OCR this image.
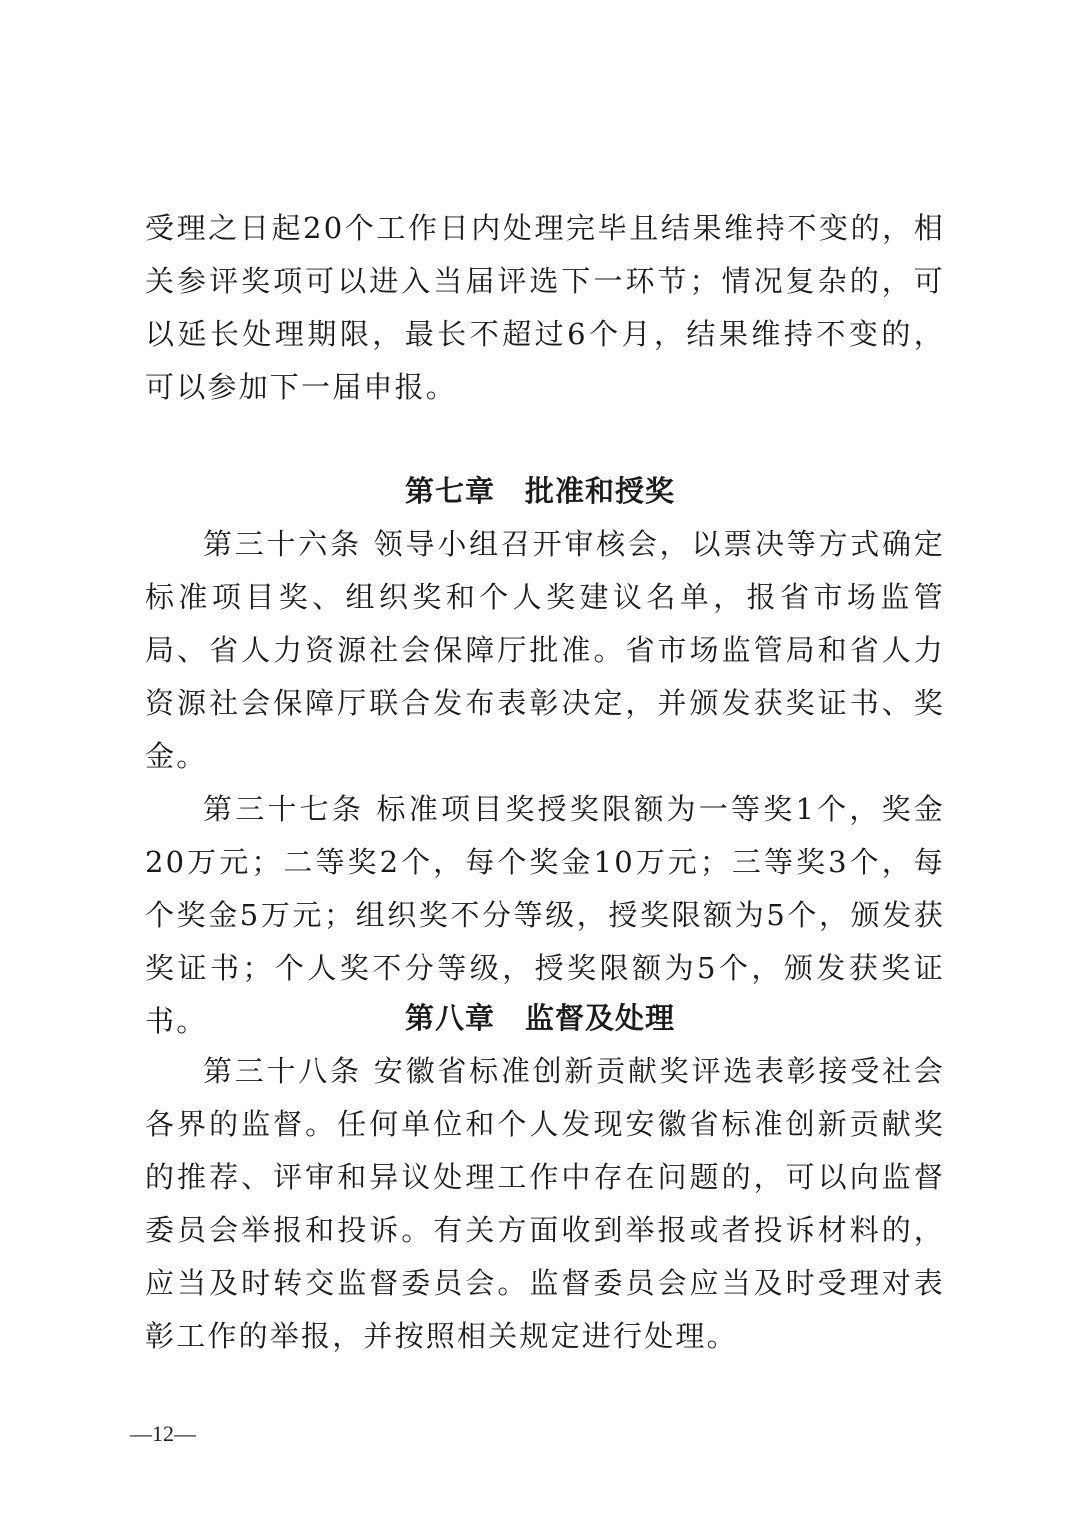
受理之日起20个工作日内处理完毕且结果维持不变的，相关参评奖项可以进入当届评选下一环节；情况复杂的，可以延长处理期限，最长不超过6个月，结果维持不变的，可以参加下一届申报。

第七章 批准和授奖

第三十六条 领导小组召开审核会，以票决等方式确定标准项目奖、组织奖和个人奖建议名单，报省市场监管局、省人力资源社会保障厅批准。省市场监管局和省人力资源社会保障厅联合发布表彰决定，并颁发获奖证书、奖金。

第三十七条 标准项目奖授奖限额为一等奖1个，奖金20万元；二等奖2个，每个奖金10万元；三等奖3个，每个奖金5万元；组织奖不分等级，授奖限额为5个，颁发获奖证书；个人奖不分等级，授奖限额为5个，颁发获奖证书。	第八章 监督及处理

第三十八条 安徽省标准创新贡献奖评选表彰接受社会各界的监督。任何单位和个人发现安徽省标准创新贡献奖的推荐、评审和异议处理工作中存在问题的，可以向监督委员会举报和投诉。有关方面收到举报或者投诉材料的，应当及时转交监督委员会。监督委员会应当及时受理对表彰工作的举报，并按照相关规定进行处理。

—12—
